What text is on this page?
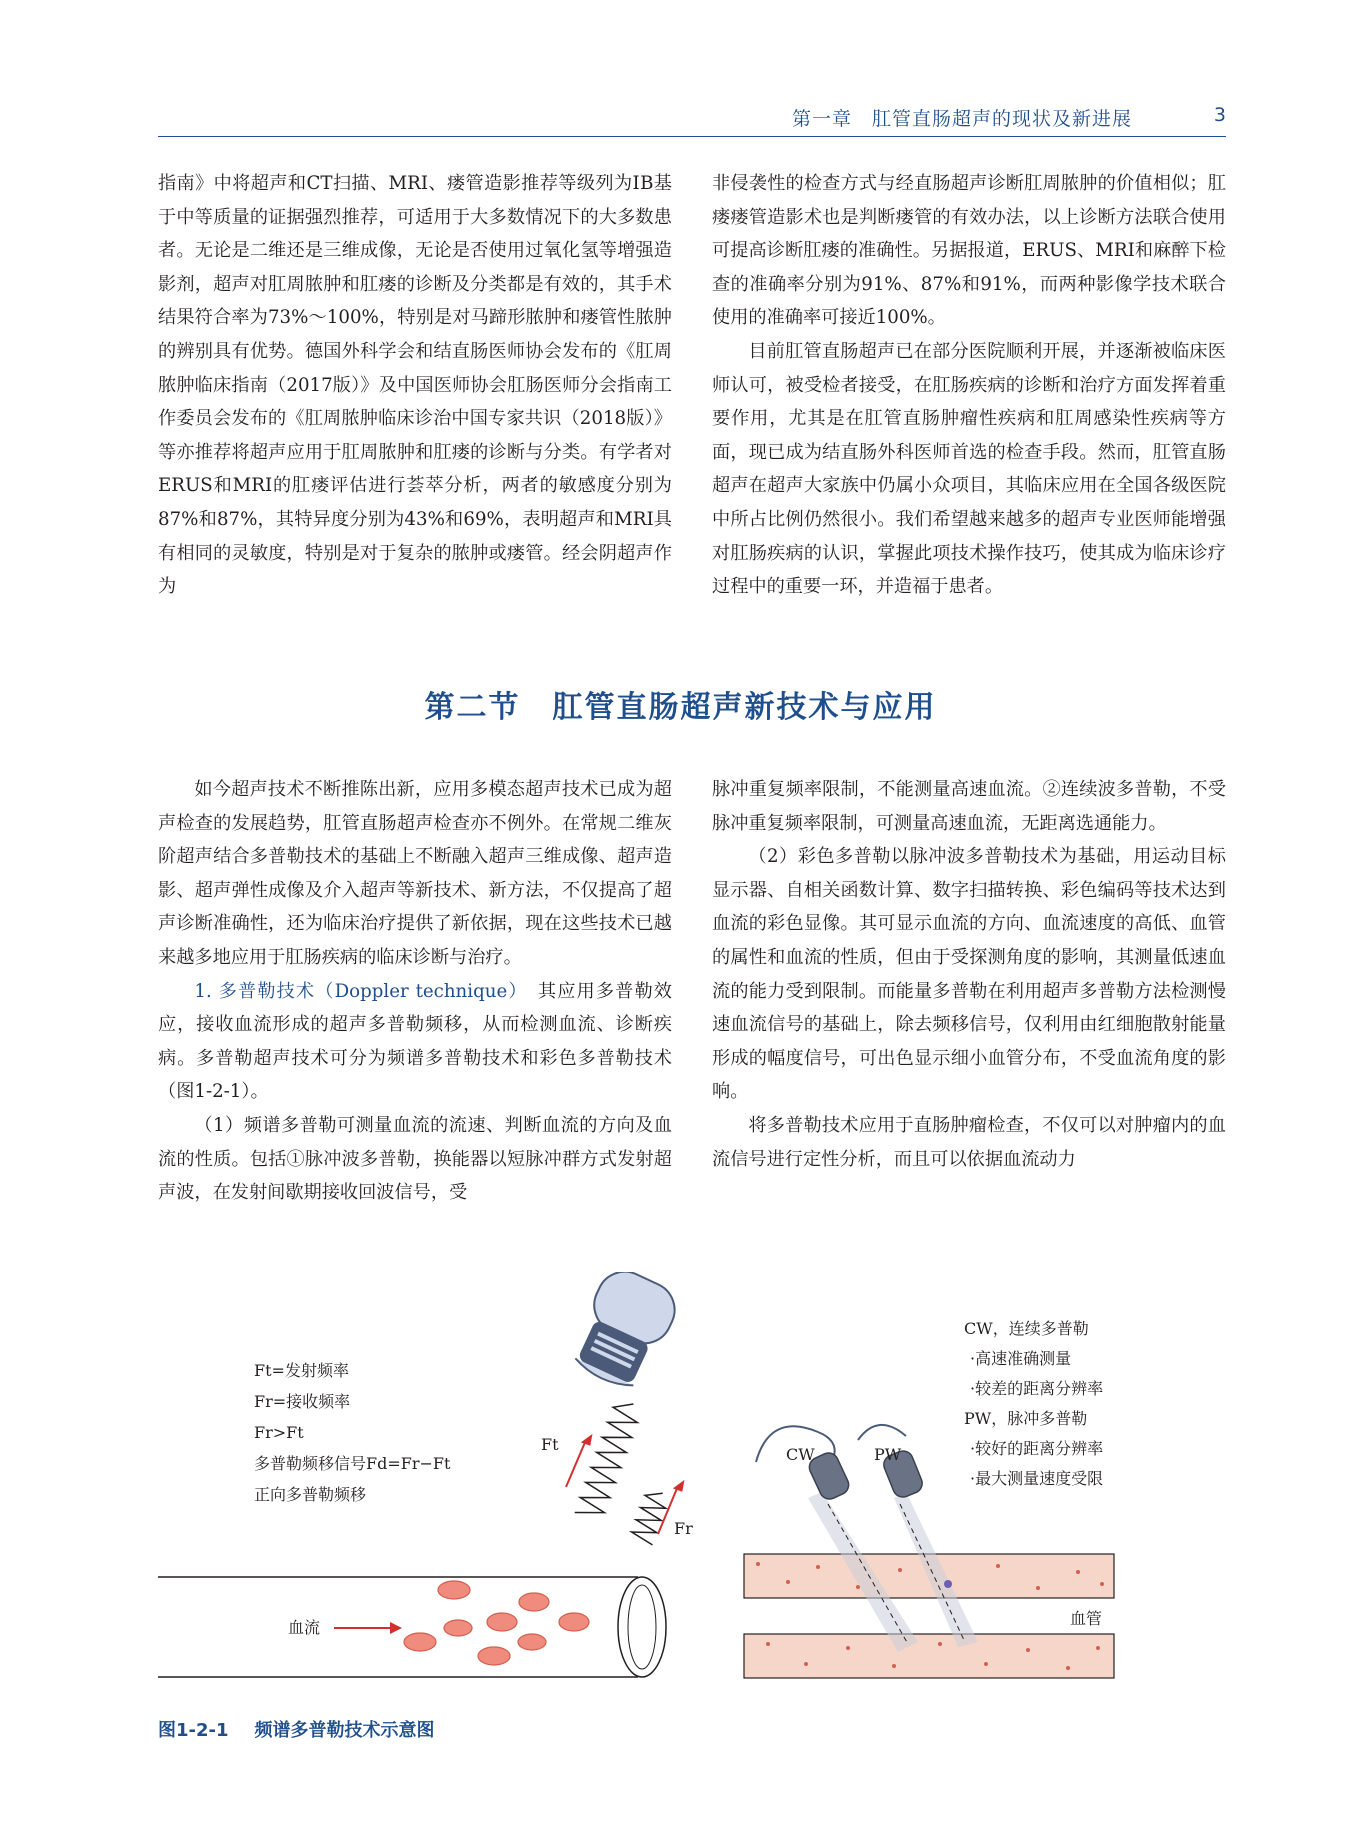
第一章　肛管直肠超声的现状及新进展	3

指南》中将超声和CT扫描、MRI、瘘管造影推荐等级列为ⅠB基于中等质量的证据强烈推荐，可适用于大多数情况下的大多数患者。无论是二维还是三维成像，无论是否使用过氧化氢等增强造影剂，超声对肛周脓肿和肛瘘的诊断及分类都是有效的，其手术结果符合率为73%～100%，特别是对马蹄形脓肿和瘘管性脓肿的辨别具有优势。德国外科学会和结直肠医师协会发布的《肛周脓肿临床指南（2017版）》及中国医师协会肛肠医师分会指南工作委员会发布的《肛周脓肿临床诊治中国专家共识（2018版）》等亦推荐将超声应用于肛周脓肿和肛瘘的诊断与分类。有学者对ERUS和MRI的肛瘘评估进行荟萃分析，两者的敏感度分别为87%和87%，其特异度分别为43%和69%，表明超声和MRI具有相同的灵敏度，特别是对于复杂的脓肿或瘘管。经会阴超声作为

非侵袭性的检查方式与经直肠超声诊断肛周脓肿的价值相似；肛瘘瘘管造影术也是判断瘘管的有效办法，以上诊断方法联合使用可提高诊断肛瘘的准确性。另据报道，ERUS、MRI和麻醉下检查的准确率分别为91%、87%和91%，而两种影像学技术联合使用的准确率可接近100%。

目前肛管直肠超声已在部分医院顺利开展，并逐渐被临床医师认可，被受检者接受，在肛肠疾病的诊断和治疗方面发挥着重要作用，尤其是在肛管直肠肿瘤性疾病和肛周感染性疾病等方面，现已成为结直肠外科医师首选的检查手段。然而，肛管直肠超声在超声大家族中仍属小众项目，其临床应用在全国各级医院中所占比例仍然很小。我们希望越来越多的超声专业医师能增强对肛肠疾病的认识，掌握此项技术操作技巧，使其成为临床诊疗过程中的重要一环，并造福于患者。

第二节　肛管直肠超声新技术与应用

如今超声技术不断推陈出新，应用多模态超声技术已成为超声检查的发展趋势，肛管直肠超声检查亦不例外。在常规二维灰阶超声结合多普勒技术的基础上不断融入超声三维成像、超声造影、超声弹性成像及介入超声等新技术、新方法，不仅提高了超声诊断准确性，还为临床治疗提供了新依据，现在这些技术已越来越多地应用于肛肠疾病的临床诊断与治疗。

1. 多普勒技术（Doppler technique）　其应用多普勒效应，接收血流形成的超声多普勒频移，从而检测血流、诊断疾病。多普勒超声技术可分为频谱多普勒技术和彩色多普勒技术（图1-2-1）。

（1）频谱多普勒可测量血流的流速、判断血流的方向及血流的性质。包括①脉冲波多普勒，换能器以短脉冲群方式发射超声波，在发射间歇期接收回波信号，受

脉冲重复频率限制，不能测量高速血流。②连续波多普勒，不受脉冲重复频率限制，可测量高速血流，无距离选通能力。

（2）彩色多普勒以脉冲波多普勒技术为基础，用运动目标显示器、自相关函数计算、数字扫描转换、彩色编码等技术达到血流的彩色显像。其可显示血流的方向、血流速度的高低、血管的属性和血流的性质，但由于受探测角度的影响，其测量低速血流的能力受到限制。而能量多普勒在利用超声多普勒方法检测慢速血流信号的基础上，除去频移信号，仅利用由红细胞散射能量形成的幅度信号，可出色显示细小血管分布，不受血流角度的影响。

将多普勒技术应用于直肠肿瘤检查，不仅可以对肿瘤内的血流信号进行定性分析，而且可以依据血流动力

Ft=发射频率
Fr=接收频率
Fr>Ft
多普勒频移信号Fd=Fr−Ft
正向多普勒频移
Ft
Fr
血流	血管
CW	PW
CW，连续多普勒
·高速准确测量
·较差的距离分辨率
PW，脉冲多普勒
·较好的距离分辨率
·最大测量速度受限
图1-2-1 频谱多普勒技术示意图
